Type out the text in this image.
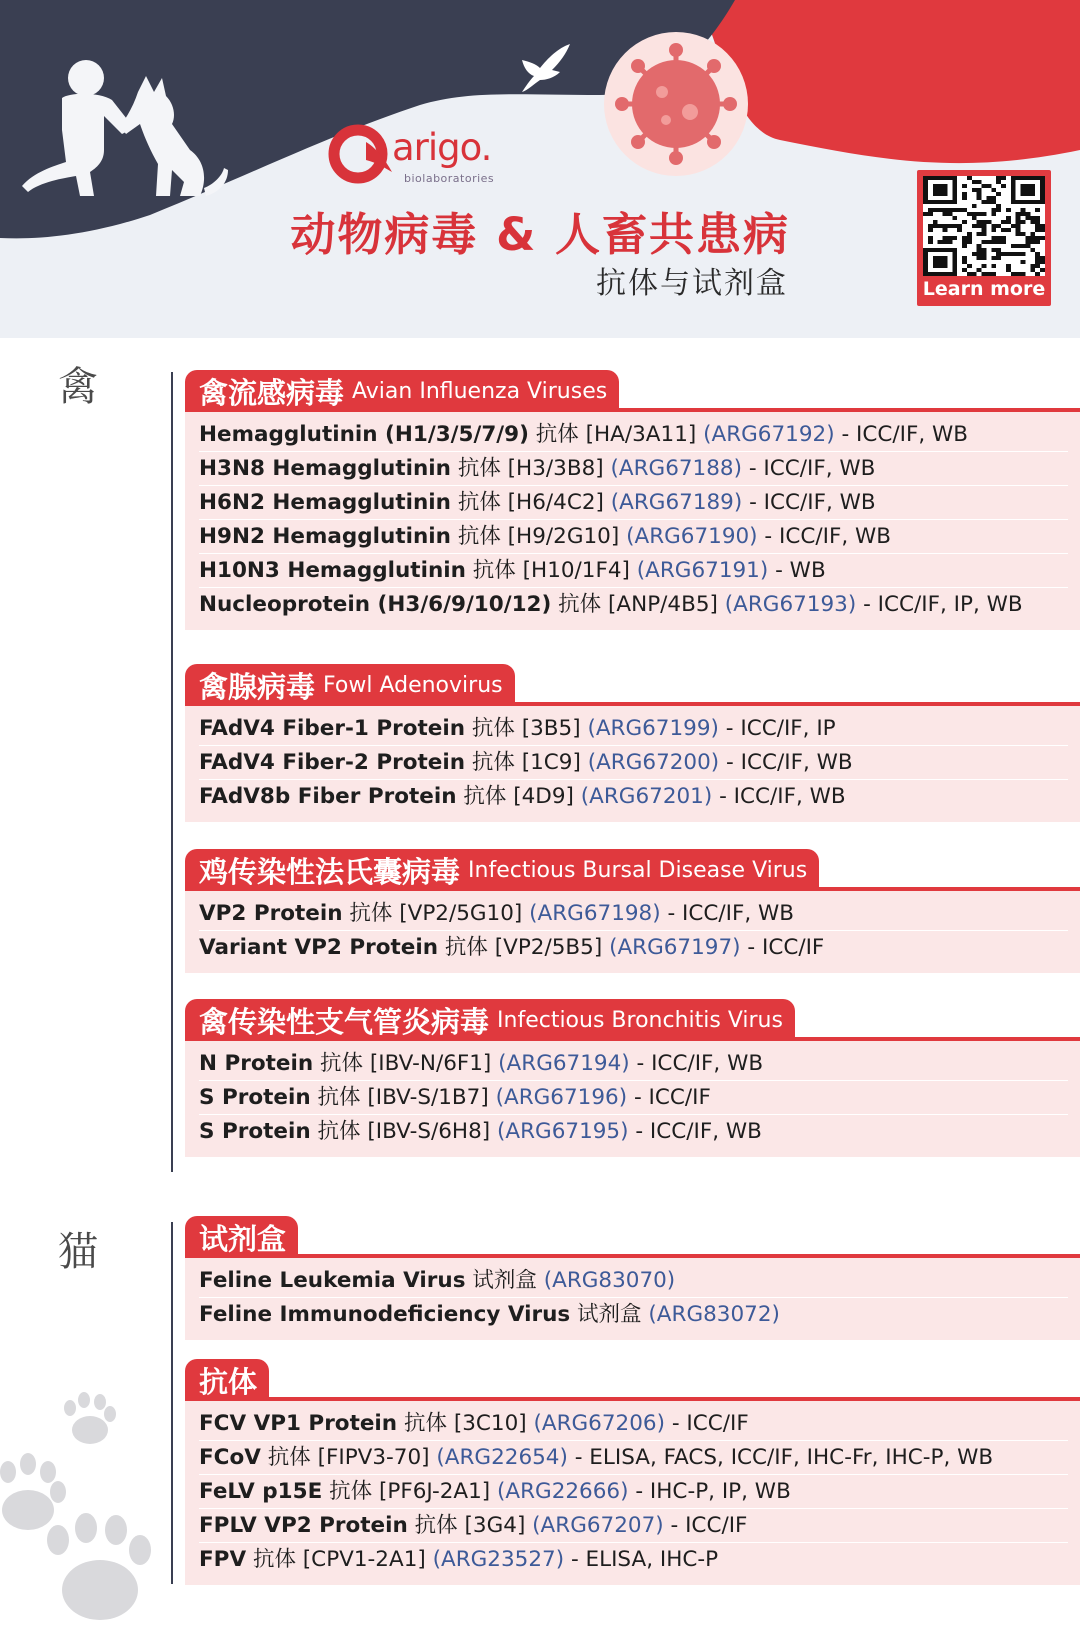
arigo.
biolaboratories
动物病毒 & 人畜共患病
抗体与试剂盒	Learn more
禽	禽流感病毒 Avian Influenza Viruses
Hemagglutinin (H1/3/5/7/9) 抗体 [HA/3A11] (ARG67192) - ICC/IF, WB
H3N8 Hemagglutinin 抗体 [H3/3B8] (ARG67188) - ICC/IF, WB
H6N2 Hemagglutinin 抗体 [H6/4C2] (ARG67189) - ICC/IF, WB
H9N2 Hemagglutinin 抗体 [H9/2G10] (ARG67190) - ICC/IF, WB
H10N3 Hemagglutinin 抗体 [H10/1F4] (ARG67191) - WB
Nucleoprotein (H3/6/9/10/12) 抗体 [ANP/4B5] (ARG67193) - ICC/IF, IP, WB
禽腺病毒 Fowl Adenovirus
FAdV4 Fiber-1 Protein 抗体 [3B5] (ARG67199) - ICC/IF, IP
FAdV4 Fiber-2 Protein 抗体 [1C9] (ARG67200) - ICC/IF, WB
FAdV8b Fiber Protein 抗体 [4D9] (ARG67201) - ICC/IF, WB
鸡传染性法氏囊病毒 Infectious Bursal Disease Virus
VP2 Protein 抗体 [VP2/5G10] (ARG67198) - ICC/IF, WB
Variant VP2 Protein 抗体 [VP2/5B5] (ARG67197) - ICC/IF
禽传染性支气管炎病毒 Infectious Bronchitis Virus
N Protein 抗体 [IBV-N/6F1] (ARG67194) - ICC/IF, WB
S Protein 抗体 [IBV-S/1B7] (ARG67196) - ICC/IF
S Protein 抗体 [IBV-S/6H8] (ARG67195) - ICC/IF, WB
猫	试剂盒
Feline Leukemia Virus 试剂盒 (ARG83070)
Feline Immunodeficiency Virus 试剂盒 (ARG83072)
抗体
FCV VP1 Protein 抗体 [3C10] (ARG67206) - ICC/IF
FCoV 抗体 [FIPV3-70] (ARG22654) - ELISA, FACS, ICC/IF, IHC-Fr, IHC-P, WB
FeLV p15E 抗体 [PF6J-2A1] (ARG22666) - IHC-P, IP, WB
FPLV VP2 Protein 抗体 [3G4] (ARG67207) - ICC/IF
FPV 抗体 [CPV1-2A1] (ARG23527) - ELISA, IHC-P
